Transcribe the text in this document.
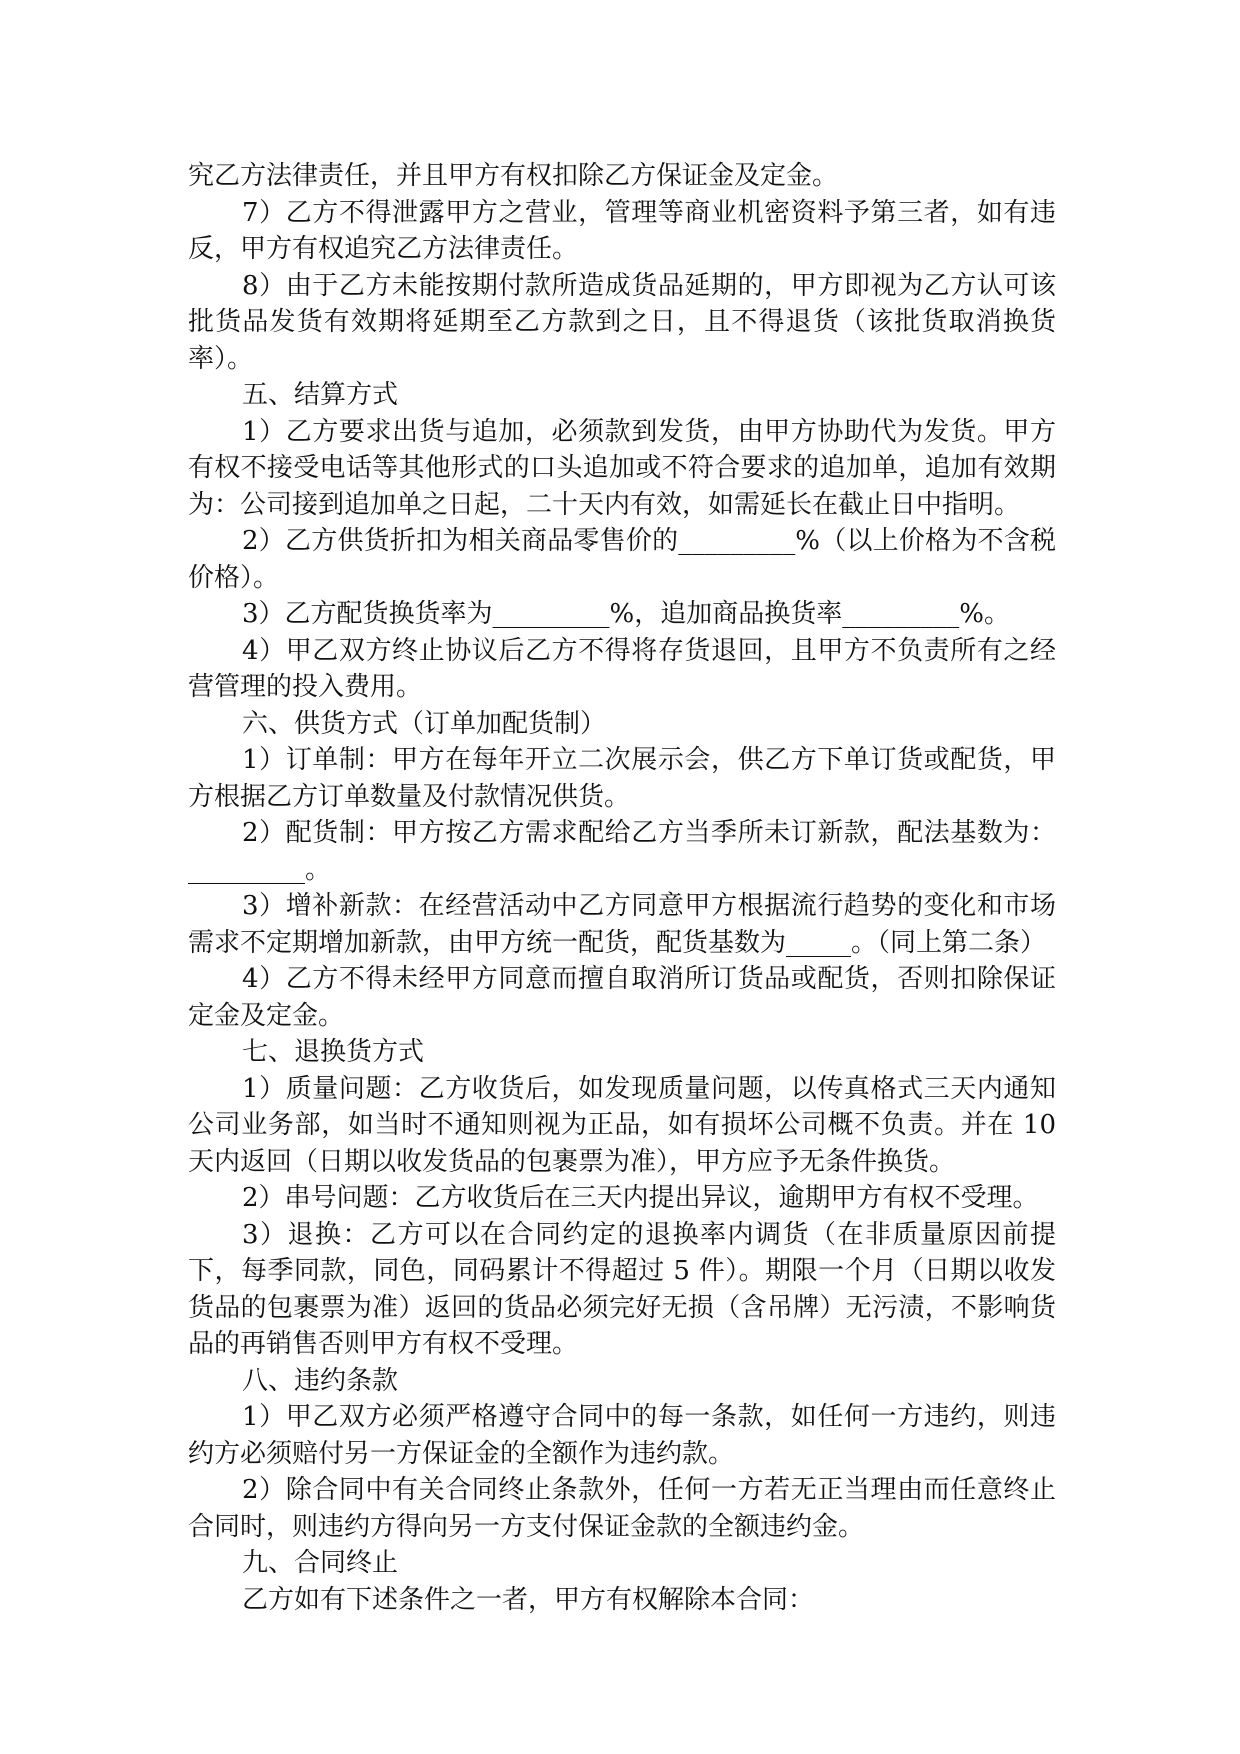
究乙方法律责任，并且甲方有权扣除乙方保证金及定金。

7）乙方不得泄露甲方之营业，管理等商业机密资料予第三者，如有违反，甲方有权追究乙方法律责任。

8）由于乙方未能按期付款所造成货品延期的，甲方即视为乙方认可该批货品发货有效期将延期至乙方款到之日，且不得退货（该批货取消换货率）。

五、结算方式

1）乙方要求出货与追加，必须款到发货，由甲方协助代为发货。甲方有权不接受电话等其他形式的口头追加或不符合要求的追加单，追加有效期为：公司接到追加单之日起，二十天内有效，如需延长在截止日中指明。

2）乙方供货折扣为相关商品零售价的_________%（以上价格为不含税价格）。

3）乙方配货换货率为_________%，追加商品换货率_________%。

4）甲乙双方终止协议后乙方不得将存货退回，且甲方不负责所有之经营管理的投入费用。

六、供货方式（订单加配货制）

1）订单制：甲方在每年开立二次展示会，供乙方下单订货或配货，甲方根据乙方订单数量及付款情况供货。

2）配货制：甲方按乙方需求配给乙方当季所未订新款，配法基数为：_________。

3）增补新款：在经营活动中乙方同意甲方根据流行趋势的变化和市场需求不定期增加新款，由甲方统一配货，配货基数为_____。（同上第二条）

4）乙方不得未经甲方同意而擅自取消所订货品或配货，否则扣除保证定金及定金。

七、退换货方式

1）质量问题：乙方收货后，如发现质量问题，以传真格式三天内通知公司业务部，如当时不通知则视为正品，如有损坏公司概不负责。并在 10 天内返回（日期以收发货品的包裹票为准），甲方应予无条件换货。

2）串号问题：乙方收货后在三天内提出异议，逾期甲方有权不受理。

3）退换：乙方可以在合同约定的退换率内调货（在非质量原因前提下，每季同款，同色，同码累计不得超过 5 件）。期限一个月（日期以收发货品的包裹票为准）返回的货品必须完好无损（含吊牌）无污渍，不影响货品的再销售否则甲方有权不受理。

八、违约条款

1）甲乙双方必须严格遵守合同中的每一条款，如任何一方违约，则违约方必须赔付另一方保证金的全额作为违约款。

2）除合同中有关合同终止条款外，任何一方若无正当理由而任意终止合同时，则违约方得向另一方支付保证金款的全额违约金。

九、合同终止

乙方如有下述条件之一者，甲方有权解除本合同：
